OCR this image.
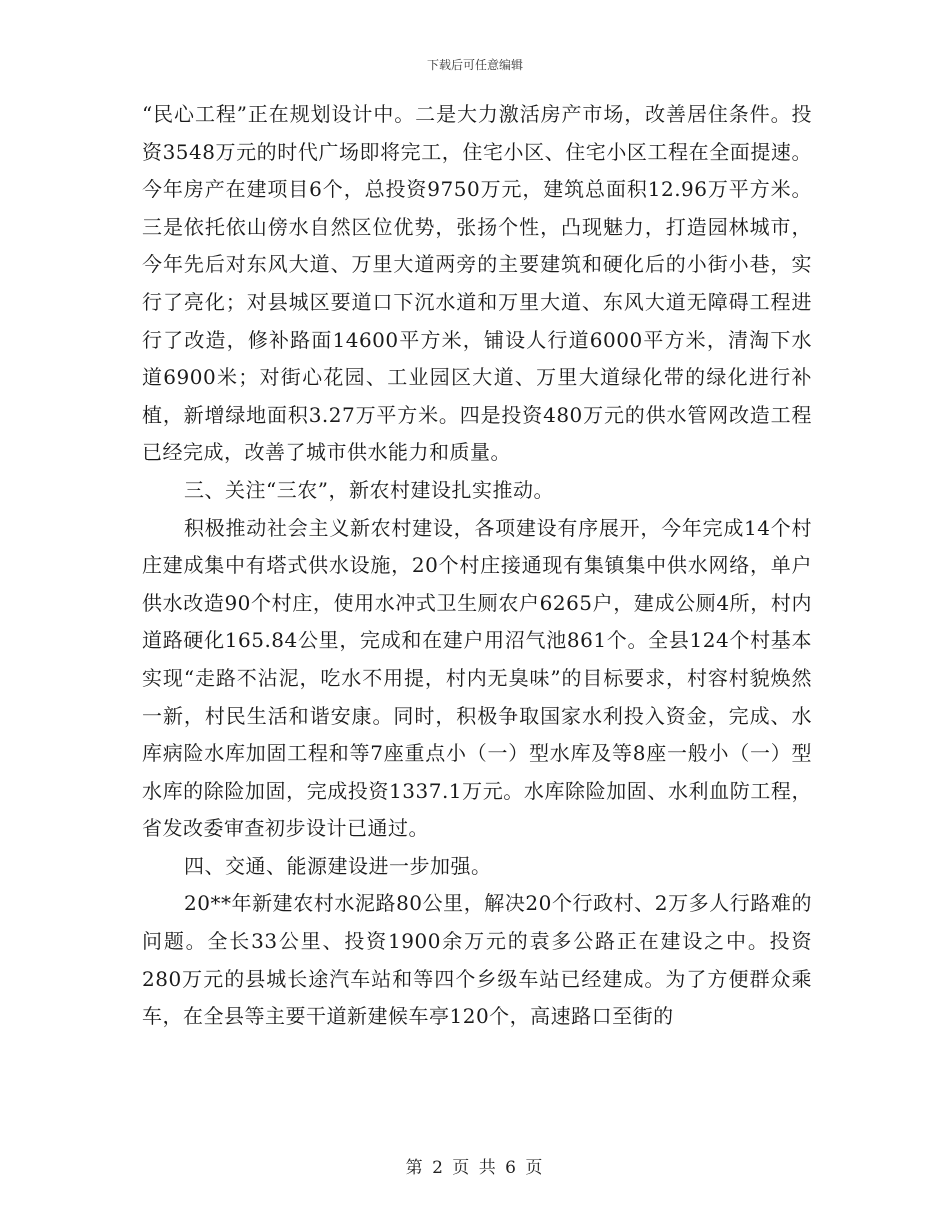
下载后可任意编辑

“民心工程”正在规划设计中。二是大力激活房产市场，改善居住条件。投资3548万元的时代广场即将完工，住宅小区、住宅小区工程在全面提速。今年房产在建项目6个，总投资9750万元，建筑总面积12.96万平方米。三是依托依山傍水自然区位优势，张扬个性，凸现魅力，打造园林城市，今年先后对东风大道、万里大道两旁的主要建筑和硬化后的小街小巷，实行了亮化；对县城区要道口下沉水道和万里大道、东风大道无障碍工程进行了改造，修补路面14600平方米，铺设人行道6000平方米，清淘下水道6900米；对街心花园、工业园区大道、万里大道绿化带的绿化进行补植，新增绿地面积3.27万平方米。四是投资480万元的供水管网改造工程已经完成，改善了城市供水能力和质量。

三、关注“三农”，新农村建设扎实推动。

积极推动社会主义新农村建设，各项建设有序展开，今年完成14个村庄建成集中有塔式供水设施，20个村庄接通现有集镇集中供水网络，单户供水改造90个村庄，使用水冲式卫生厕农户6265户，建成公厕4所，村内道路硬化165.84公里，完成和在建户用沼气池861个。全县124个村基本实现“走路不沾泥，吃水不用提，村内无臭味”的目标要求，村容村貌焕然一新，村民生活和谐安康。同时，积极争取国家水利投入资金，完成、水库病险水库加固工程和等7座重点小（一）型水库及等8座一般小（一）型水库的除险加固，完成投资1337.1万元。水库除险加固、水利血防工程，省发改委审查初步设计已通过。

四、交通、能源建设进一步加强。

20**年新建农村水泥路80公里，解决20个行政村、2万多人行路难的问题。全长33公里、投资1900余万元的袁多公路正在建设之中。投资280万元的县城长途汽车站和等四个乡级车站已经建成。为了方便群众乘车，在全县等主要干道新建候车亭120个，高速路口至街的

第 2 页 共 6 页
